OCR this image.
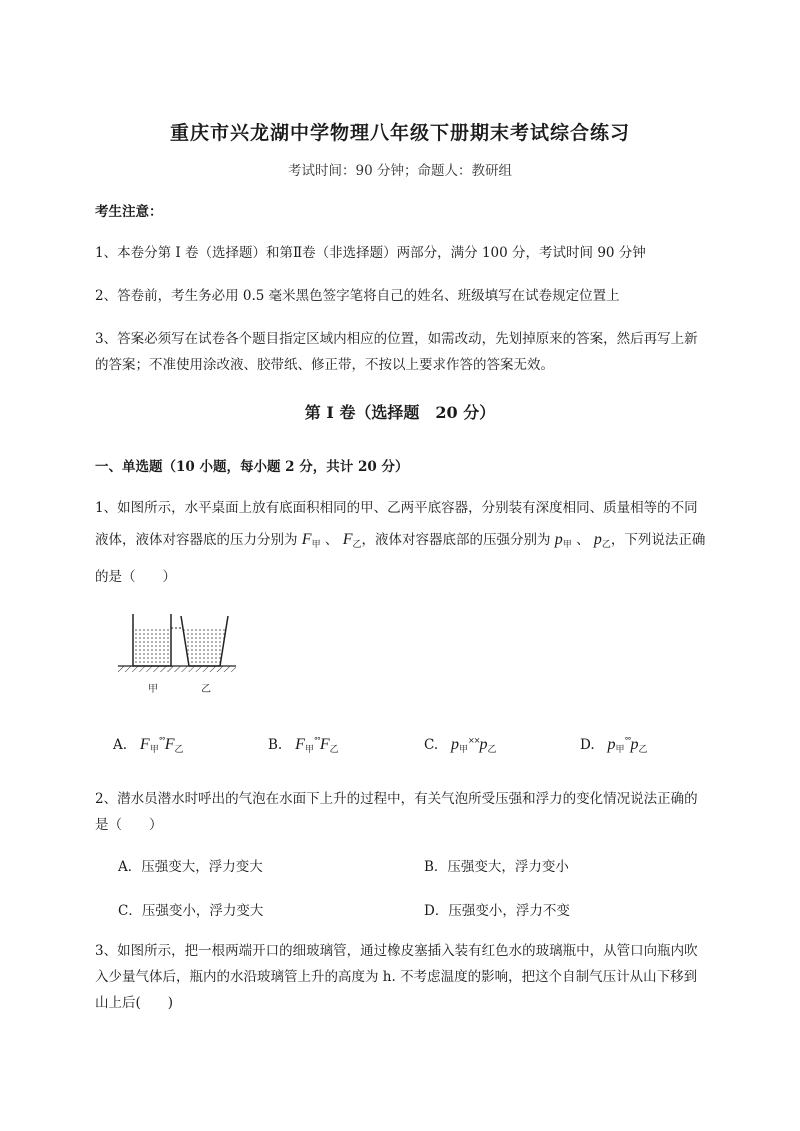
重庆市兴龙湖中学物理八年级下册期末考试综合练习
考试时间：90 分钟；命题人：教研组
考生注意：
1、本卷分第 I 卷（选择题）和第Ⅱ卷（非选择题）两部分，满分 100 分，考试时间 90 分钟
2、答卷前，考生务必用 0.5 毫米黑色签字笔将自己的姓名、班级填写在试卷规定位置上
3、答案必须写在试卷各个题目指定区域内相应的位置，如需改动，先划掉原来的答案，然后再写上新的答案；不准使用涂改液、胶带纸、修正带，不按以上要求作答的答案无效。
第 I 卷（选择题　20 分）
一、单选题（10 小题，每小题 2 分，共计 20 分）
1、如图所示，水平桌面上放有底面积相同的甲、乙两平底容器，分别装有深度相同、质量相等的不同液体，液体对容器底的压力分别为 $F_甲$ 、 $F_乙$，液体对容器底部的压强分别为 $p_甲$ 、 $p_乙$，下列说法正确的是（　　）
甲	乙
A. $F_甲^{^\circ^\circ}F_乙$	B. $F_甲^{^\circ^\circ}F_乙$	C. $p_甲^{\times\times}p_乙$	D. $p_甲^{^\circ^\circ}p_乙$
2、潜水员潜水时呼出的气泡在水面下上升的过程中，有关气泡所受压强和浮力的变化情况说法正确的是（　　）
A．压强变大，浮力变大	B．压强变大，浮力变小
C．压强变小，浮力变大	D．压强变小，浮力不变
3、如图所示，把一根两端开口的细玻璃管，通过橡皮塞插入装有红色水的玻璃瓶中，从管口向瓶内吹入少量气体后，瓶内的水沿玻璃管上升的高度为 h. 不考虑温度的影响，把这个自制气压计从山下移到山上后(　　)
